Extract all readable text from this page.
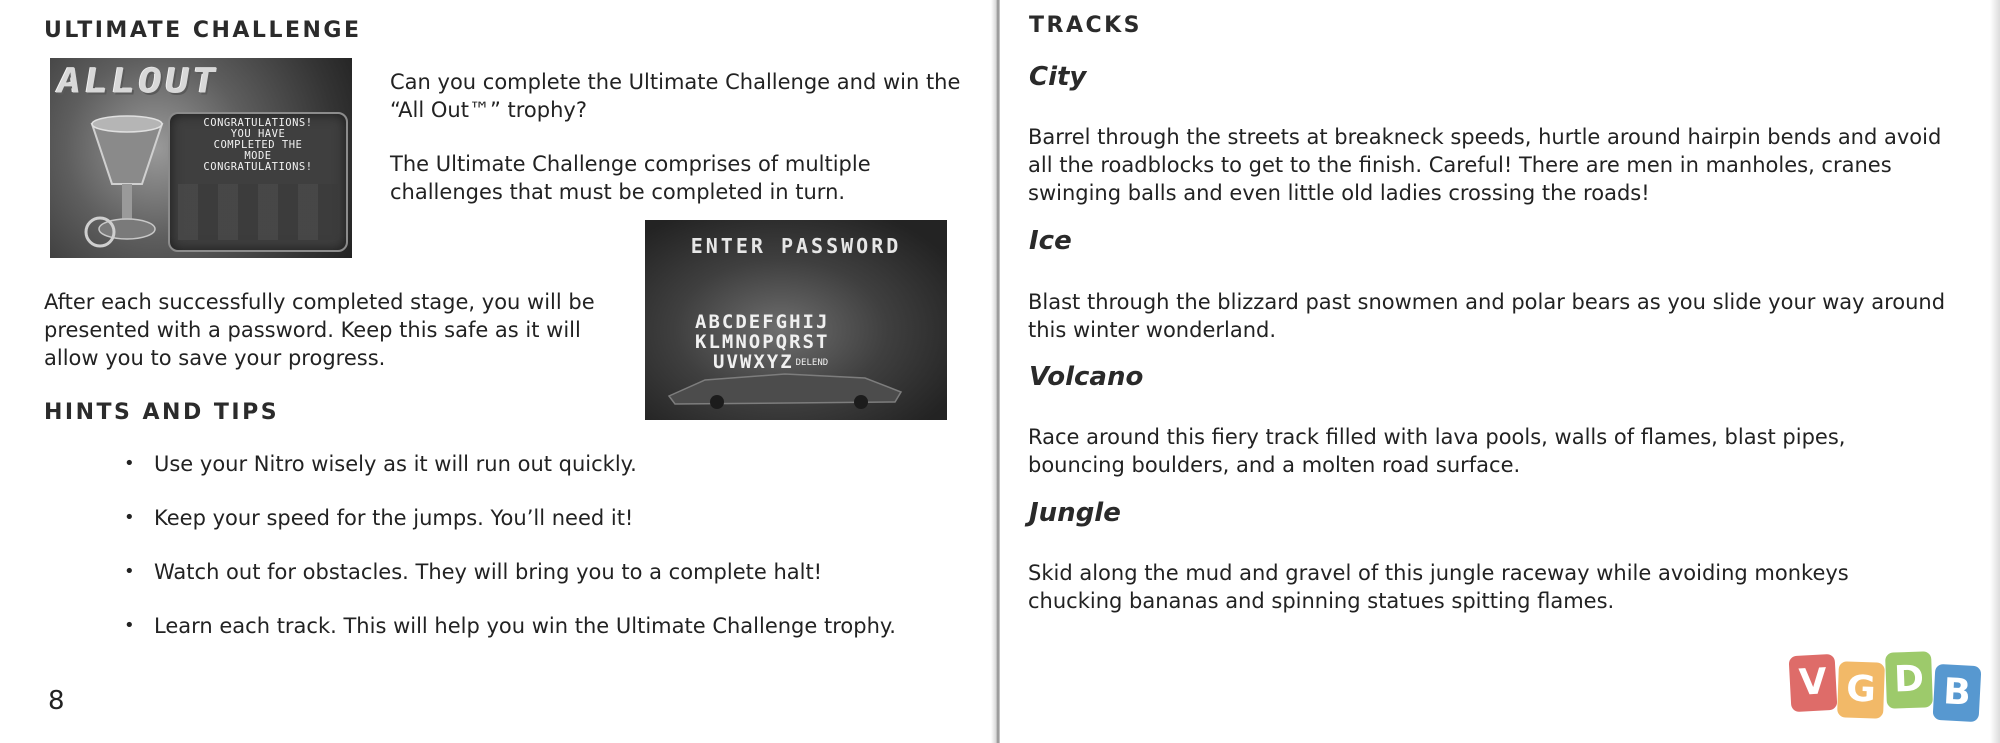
ULTIMATE CHALLENGE
ALLOUT

CONGRATULATIONS!
YOU HAVE
COMPLETED THE
MODE
CONGRATULATIONS!

Can you complete the Ultimate Challenge and win the “All Out™” trophy?

The Ultimate Challenge comprises of multiple challenges that must be completed in turn.

ENTER PASSWORD

ABCDEFGHIJ
KLMNOPQRST
UVWXYZ DELEND

After each successfully completed stage, you will be presented with a password. Keep this safe as it will allow you to save your progress.

HINTS AND TIPS
• Use your Nitro wisely as it will run out quickly.
• Keep your speed for the jumps. You’ll need it!
• Watch out for obstacles. They will bring you to a complete halt!
• Learn each track. This will help you win the Ultimate Challenge trophy.

8

TRACKS
City

Barrel through the streets at breakneck speeds, hurtle around hairpin bends and avoid all the roadblocks to get to the finish. Careful! There are men in manholes, cranes swinging balls and even little old ladies crossing the roads!

Ice

Blast through the blizzard past snowmen and polar bears as you slide your way around this winter wonderland.

Volcano

Race around this fiery track filled with lava pools, walls of flames, blast pipes, bouncing boulders, and a molten road surface.

Jungle

Skid along the mud and gravel of this jungle raceway while avoiding monkeys chucking bananas and spinning statues spitting flames.

V G D B
